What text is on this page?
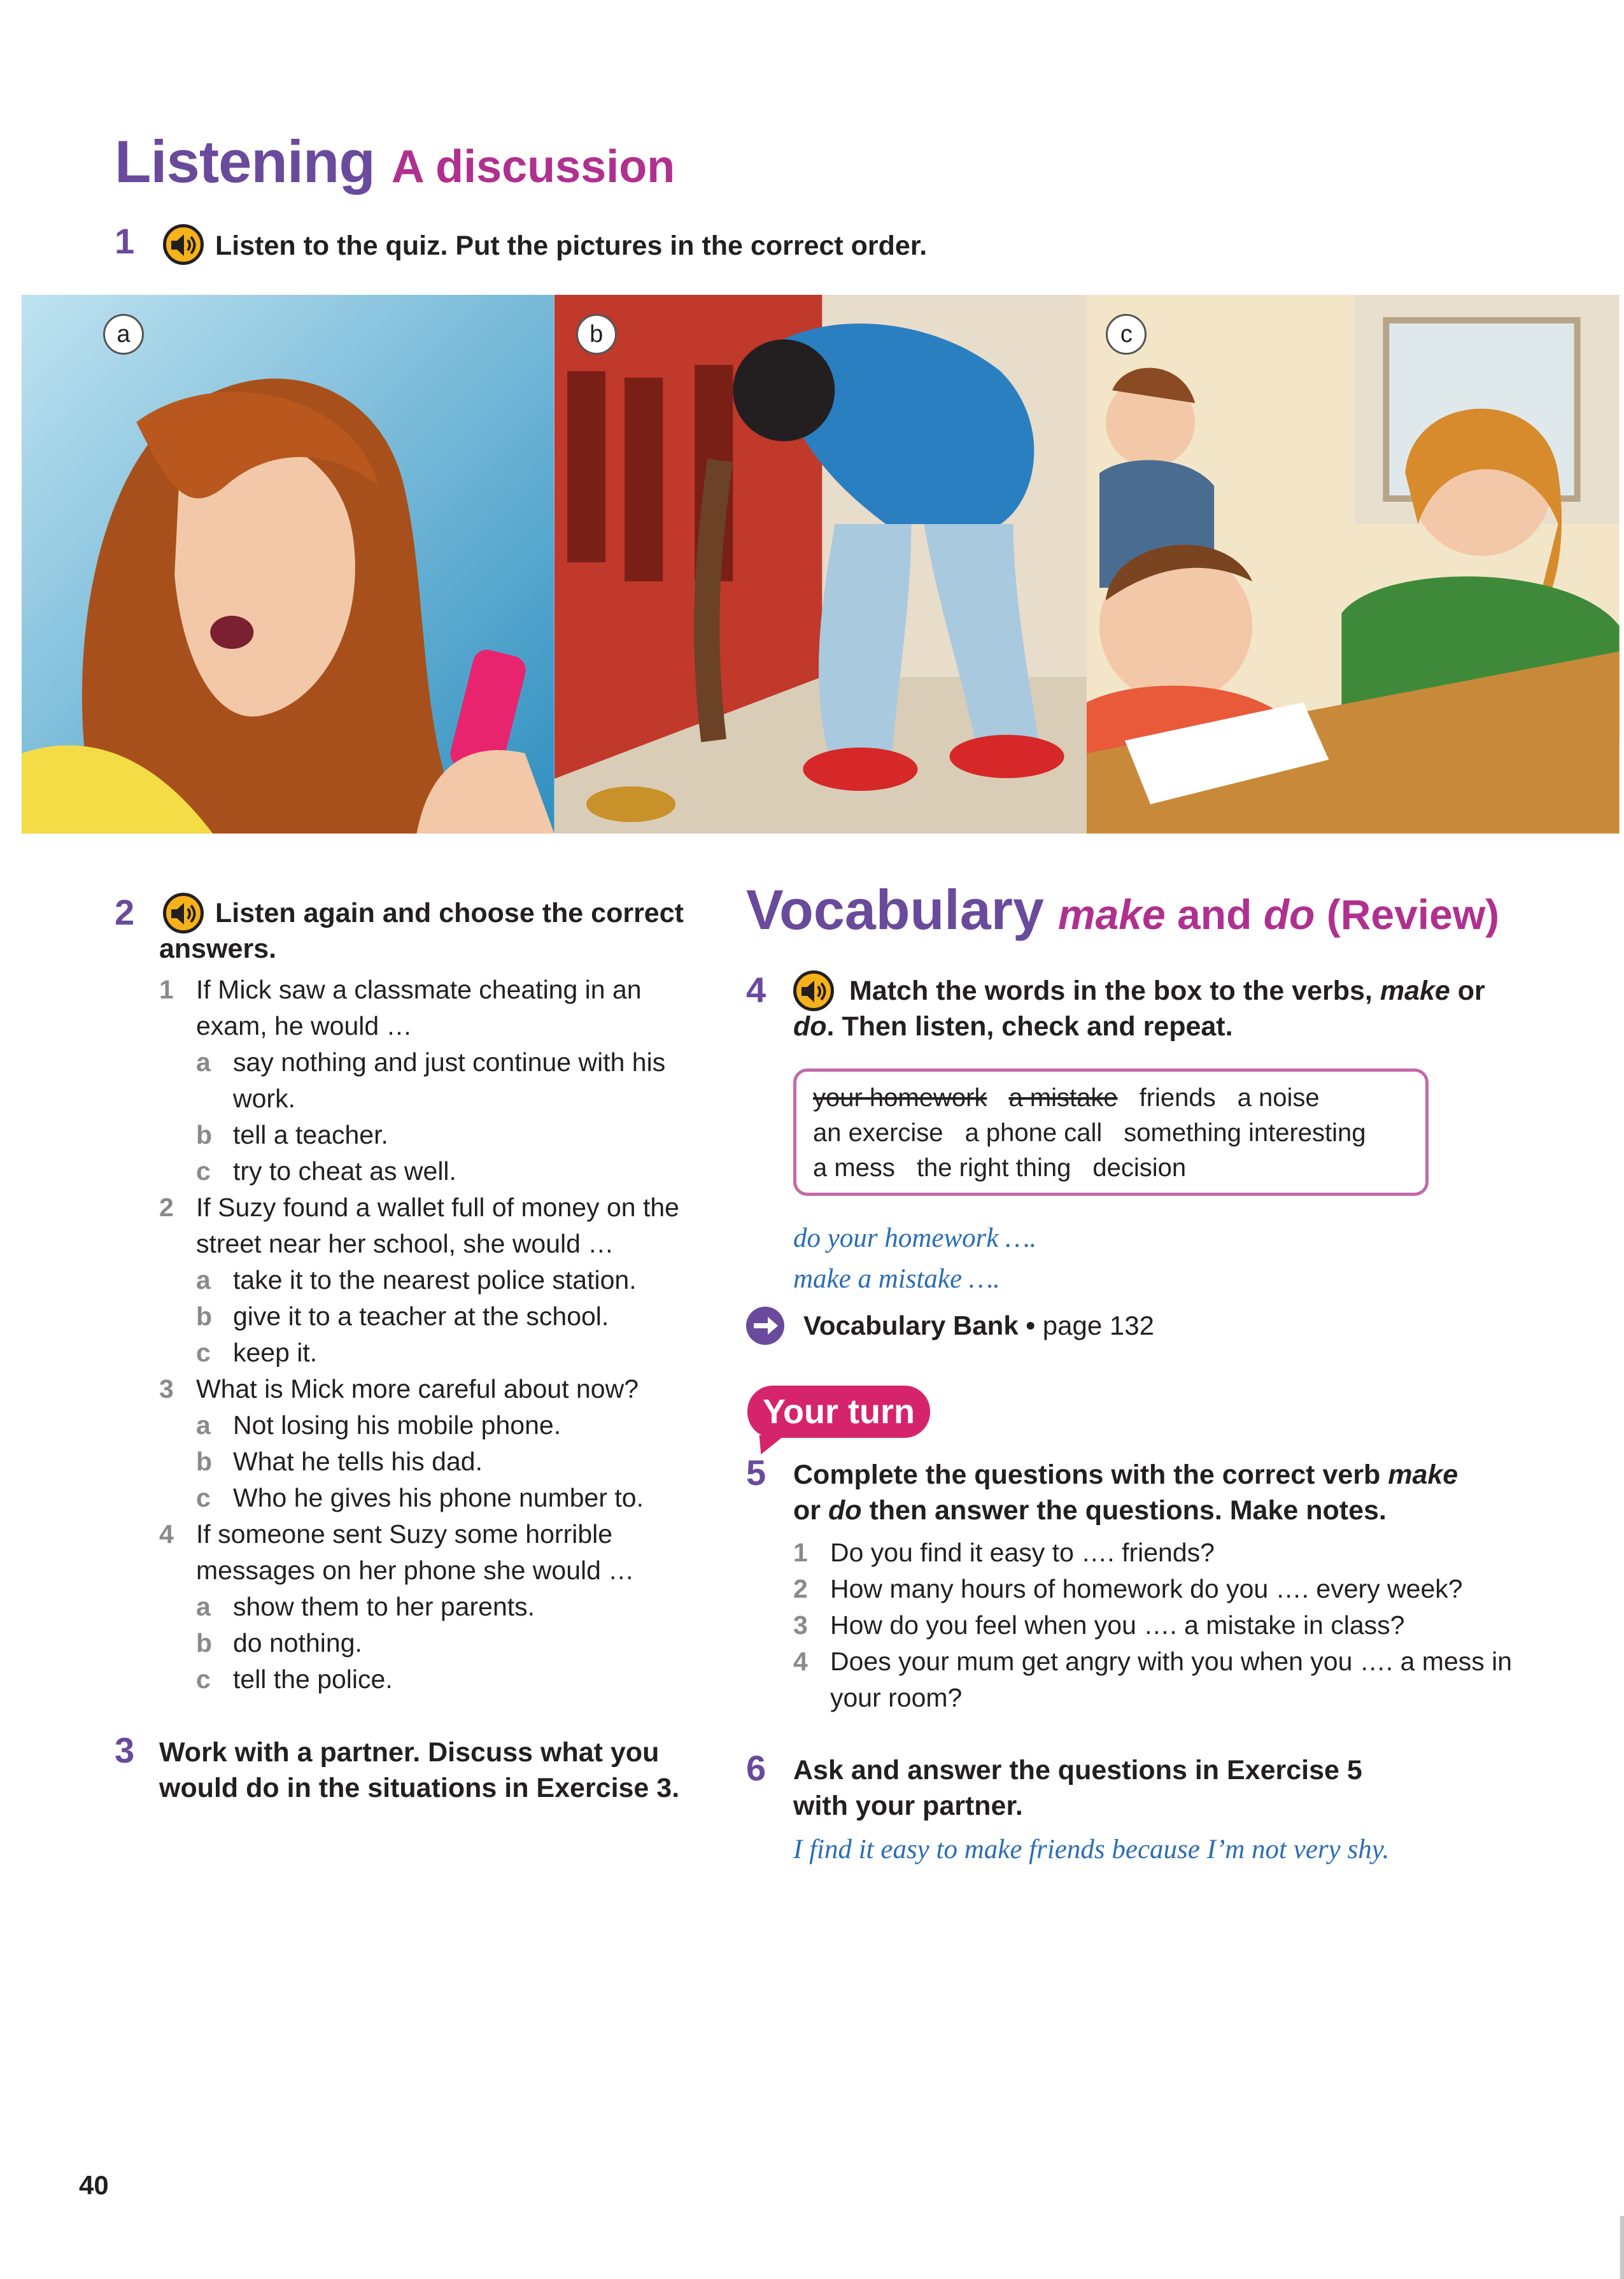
Listening A discussion
1	Listen to the quiz. Put the pictures in the correct order.
a	b	c
2	Listen again and choose the correct answers.
1 If Mick saw a classmate cheating in an exam, he would …
a say nothing and just continue with his work.
b tell a teacher.
c try to cheat as well.
2 If Suzy found a wallet full of money on the street near her school, she would …
a take it to the nearest police station.
b give it to a teacher at the school.
c keep it.
3 What is Mick more careful about now?
a Not losing his mobile phone.
b What he tells his dad.
c Who he gives his phone number to.
4 If someone sent Suzy some horrible messages on her phone she would …
a show them to her parents.
b do nothing.
c tell the police.
3 Work with a partner. Discuss what you would do in the situations in Exercise 3.
Vocabulary make and do (Review)
4	Match the words in the box to the verbs, make or do. Then listen, check and repeat.
your homework a mistake friends a noisean exercise a phone call something interestinga mess the right thing decision
do your homework ….
make a mistake ….
Vocabulary Bank
•
page 132
Your turn
5 Complete the questions with the correct verb make
or do then answer the questions. Make notes.
1 Do you find it easy to …. friends?
2 How many hours of homework do you …. every week?
3 How do you feel when you …. a mistake in class?
4 Does your mum get angry with you when you …. a mess in your room?
6 Ask and answer the questions in Exercise 5 with your partner.
I find it easy to make friends because I’m not very shy.
40
